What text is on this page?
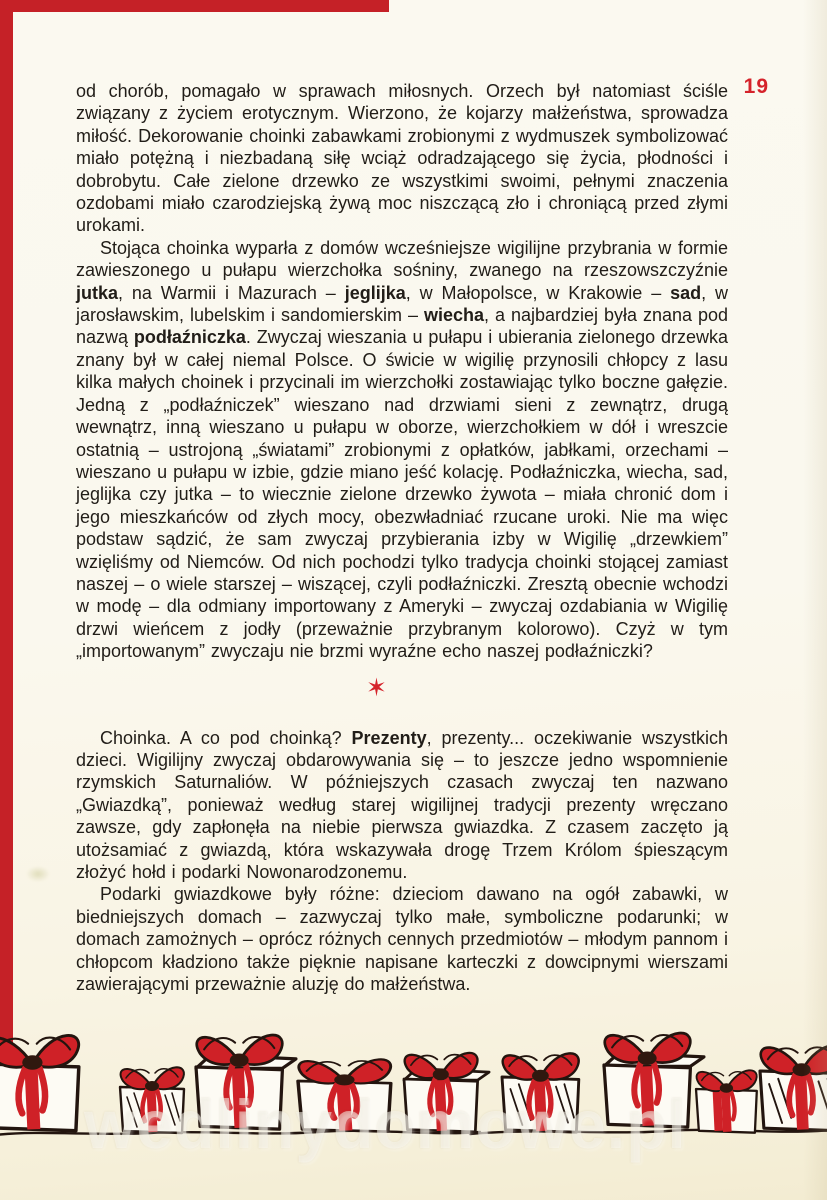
19

od chorób, pomagało w sprawach miłosnych. Orzech był natomiast ściśle związany z życiem erotycznym. Wierzono, że kojarzy małżeństwa, sprowadza miłość. Dekorowanie choinki zabawkami zrobionymi z wydmuszek symbolizować miało potężną i niezbadaną siłę wciąż odradzającego się życia, płodności i dobrobytu. Całe zielone drzewko ze wszystkimi swoimi, pełnymi znaczenia ozdobami miało czarodziejską żywą moc niszczącą zło i chroniącą przed złymi urokami.

Stojąca choinka wyparła z domów wcześniejsze wigilijne przybrania w formie zawieszonego u pułapu wierzchołka sośniny, zwanego na rzeszowszczyźnie jutka, na Warmii i Mazurach – jeglijka, w Małopolsce, w Krakowie – sad, w jarosławskim, lubelskim i sandomierskim – wiecha, a najbardziej była znana pod nazwą podłaźniczka. Zwyczaj wieszania u pułapu i ubierania zielonego drzewka znany był w całej niemal Polsce. O świcie w wigilię przynosili chłopcy z lasu kilka małych choinek i przycinali im wierzchołki zostawiając tylko boczne gałęzie. Jedną z „podłaźniczek” wieszano nad drzwiami sieni z zewnątrz, drugą wewnątrz, inną wieszano u pułapu w oborze, wierzchołkiem w dół i wreszcie ostatnią – ustrojoną „światami” zrobionymi z opłatków, jabłkami, orzechami – wieszano u pułapu w izbie, gdzie miano jeść kolację. Podłaźniczka, wiecha, sad, jeglijka czy jutka – to wiecznie zielone drzewko żywota – miała chronić dom i jego mieszkańców od złych mocy, obezwładniać rzucane uroki. Nie ma więc podstaw sądzić, że sam zwyczaj przybierania izby w Wigilię „drzewkiem” wzięliśmy od Niemców. Od nich pochodzi tylko tradycja choinki stojącej zamiast naszej – o wiele starszej – wiszącej, czyli podłaźniczki. Zresztą obecnie wchodzi w modę – dla odmiany importowany z Ameryki – zwyczaj ozdabiania w Wigilię drzwi wieńcem z jodły (przeważnie przybranym kolorowo). Czyż w tym „importowanym” zwyczaju nie brzmi wyraźne echo naszej podłaźniczki?

✶

Choinka. A co pod choinką? Prezenty, prezenty... oczekiwanie wszystkich dzieci. Wigilijny zwyczaj obdarowywania się – to jeszcze jedno wspomnienie rzymskich Saturnaliów. W późniejszych czasach zwyczaj ten nazwano „Gwiazdką”, ponieważ według starej wigilijnej tradycji prezenty wręczano zawsze, gdy zapłonęła na niebie pierwsza gwiazdka. Z czasem zaczęto ją utożsamiać z gwiazdą, która wskazywała drogę Trzem Królom śpieszącym złożyć hołd i podarki Nowonarodzonemu.

Podarki gwiazdkowe były różne: dzieciom dawano na ogół zabawki, w biedniejszych domach – zazwyczaj tylko małe, symboliczne podarunki; w domach zamożnych – oprócz różnych cennych przedmiotów – młodym pannom i chłopcom kładziono także pięknie napisane karteczki z dowcipnymi wierszami zawierającymi przeważnie aluzję do małżeństwa.

wedlinydomowe.pl
